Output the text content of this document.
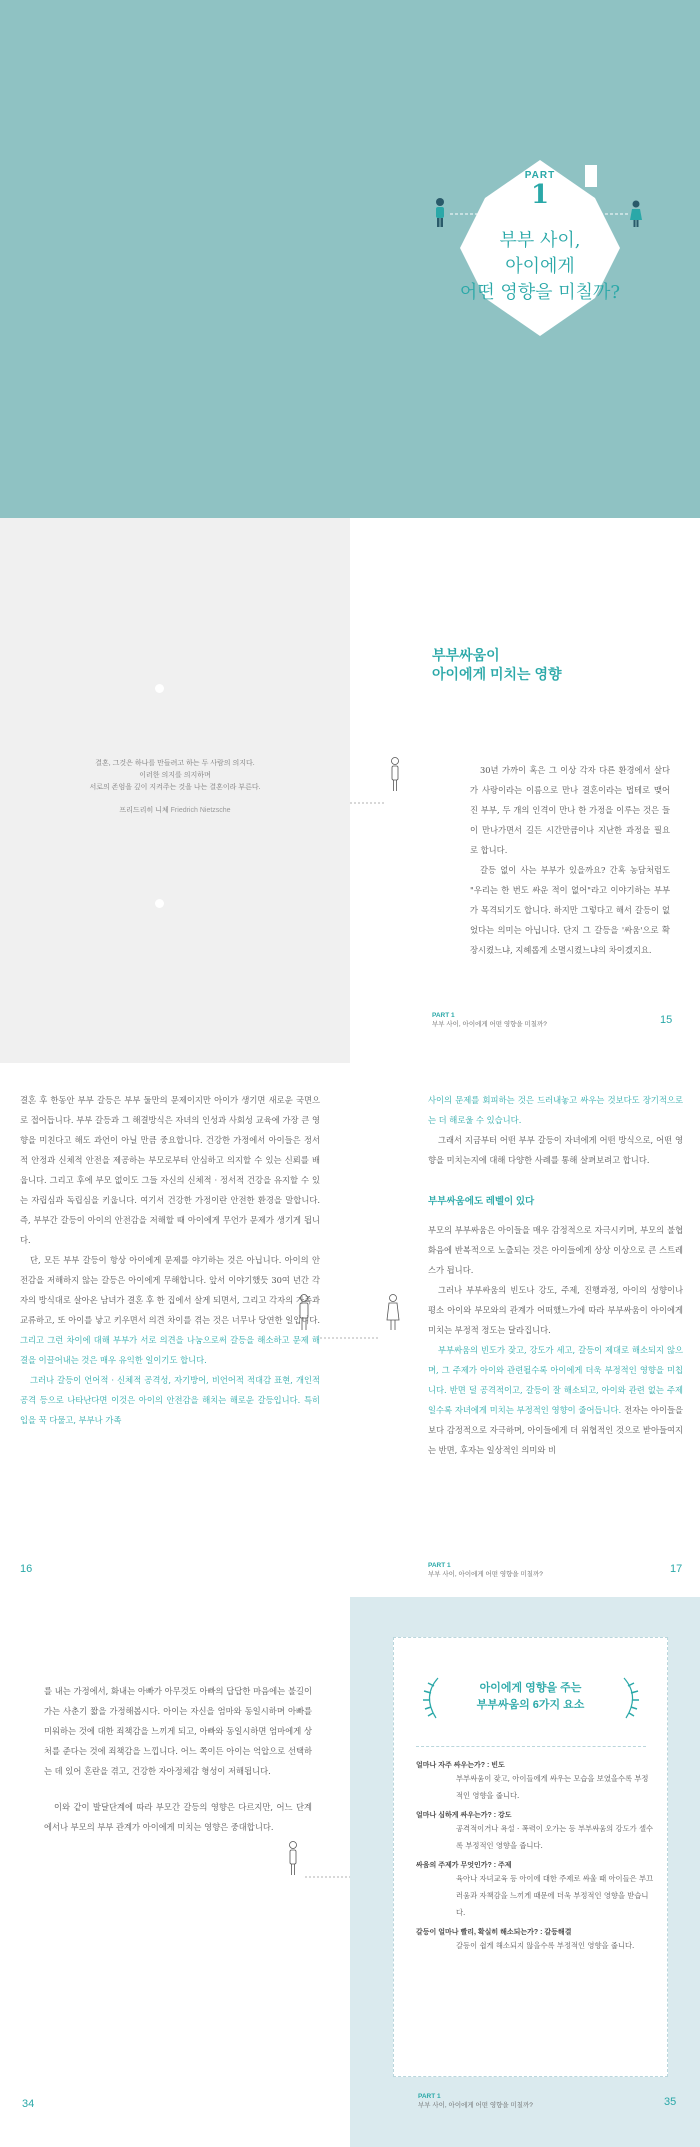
PART
1
부부 사이,
아이에게
어떤 영향을 미칠까?
결혼, 그것은 하나를 만들려고 하는 두 사람의 의지다.
이러한 의지를 의지하며
서로의 존엄을 깊이 지켜주는 것을 나는 결혼이라 부른다.
프리드리히 니체 Friedrich Nietzsche
부부싸움이
아이에게 미치는 영향

30년 가까이 혹은 그 이상 각자 다른 환경에서 살다가 사랑이라는 이름으로 만나 결혼이라는 법테로 맺어진 부부, 두 개의 인격이 만나 한 가정을 이루는 것은 들이 만나가면서 길든 시간만큼이나 지난한 과정을 필요로 합니다.

갈등 없이 사는 부부가 있을까요? 간혹 농담처럼도 "우리는 한 번도 싸운 적이 없어"라고 이야기하는 부부가 목격되기도 합니다. 하지만 그렇다고 해서 갈등이 없었다는 의미는 아닙니다. 단지 그 갈등을 '싸움'으로 확장시켰느냐, 지혜롭게 소멸시켰느냐의 차이겠지요.

PART 1
부부 사이, 아이에게 어떤 영향을 미칠까?	15

결혼 후 한동안 부부 갈등은 부부 둘만의 문제이지만 아이가 생기면 새로운 국면으로 접어듭니다. 부부 갈등과 그 해결방식은 자녀의 인성과 사회성 교육에 가장 큰 영향을 미친다고 해도 과언이 아닐 만큼 중요합니다. 건강한 가정에서 아이들은 정서적 안정과 신체적 안전을 제공하는 부모로부터 안심하고 의지할 수 있는 신뢰를 배웁니다. 그리고 후에 부모 없이도 그들 자신의 신체적 · 정서적 건강을 유지할 수 있는 자립심과 독립심을 키웁니다. 여기서 건강한 가정이란 안전한 환경을 말합니다. 즉, 부부간 갈등이 아이의 안전감을 저해할 때 아이에게 무언가 문제가 생기게 됩니다.

단, 모든 부부 갈등이 항상 아이에게 문제를 야기하는 것은 아닙니다. 아이의 안전감을 저해하지 않는 갈등은 아이에게 무해합니다. 앞서 이야기했듯 30여 년간 각자의 방식대로 살아온 남녀가 결혼 후 한 집에서 살게 되면서, 그리고 각자의 가족과 교류하고, 또 아이를 낳고 키우면서 의견 차이를 겪는 것은 너무나 당연한 일입니다. 그리고 그런 차이에 대해 부부가 서로 의견을 나눔으로써 갈등을 해소하고 문제 해결을 이끌어내는 것은 매우 유익한 일이기도 합니다.

그러나 갈등이 언어적 · 신체적 공격성, 자기방어, 비언어적 적대감 표현, 개인적 공격 등으로 나타난다면 이것은 아이의 안전감을 해치는 해로운 갈등입니다. 특히 입을 꾹 다물고, 부부나 가족

사이의 문제를 회피하는 것은 드러내놓고 싸우는 것보다도 장기적으로는 더 해로울 수 있습니다.

그래서 지금부터 어떤 부부 갈등이 자녀에게 어떤 방식으로, 어떤 영향을 미치는지에 대해 다양한 사례를 통해 살펴보려고 합니다.

부부싸움에도 레벨이 있다

부모의 부부싸움은 아이들을 매우 감정적으로 자극시키며, 부모의 불협화음에 반복적으로 노출되는 것은 아이들에게 상상 이상으로 큰 스트레스가 됩니다.

그러나 부부싸움의 빈도나 강도, 주제, 진행과정, 아이의 성향이나 평소 아이와 부모와의 관계가 어떠했느가에 따라 부부싸움이 아이에게 미치는 부정적 정도는 달라집니다.

부부싸움의 빈도가 잦고, 강도가 세고, 갈등이 제대로 해소되지 않으며, 그 주제가 아이와 관련될수록 아이에게 더욱 부정적인 영향을 미칩니다. 반면 덜 공격적이고, 갈등이 잘 해소되고, 아이와 관련 없는 주제일수록 자녀에게 미치는 부정적인 영향이 줄어듭니다. 전자는 아이들을 보다 감정적으로 자극하며, 아이들에게 더 위협적인 것으로 받아들여지는 반면, 후자는 일상적인 의미와 비

16	PART 1
부부 사이, 아이에게 어떤 영향을 미칠까?	17

를 내는 가정에서, 화내는 아빠가 아무것도 아빠의 답답한 마음에는 불길이 가는 사춘기 짧을 가정해봅시다. 아이는 자신을 엄마와 동일시하며 아빠를 미워하는 것에 대한 죄책감을 느끼게 되고, 아빠와 동일시하면 엄마에게 상처를 준다는 것에 죄책감을 느낍니다. 어느 쪽이든 아이는 억압으로 선택하는 데 있어 혼란을 겪고, 건강한 자아정체감 형성이 저해됩니다.

이와 같이 발달단계에 따라 부모간 갈등의 영향은 다르지만, 어느 단계에서나 부모의 부부 관계가 아이에게 미치는 영향은 중대합니다.

34
아이에게 영향을 주는
부부싸움의 6가지 요소
얼마나 자주 싸우는가? : 빈도
부부싸움이 잦고, 아이들에게 싸우는 모습을 보였을수록 부정적인 영향을 줍니다.
얼마나 심하게 싸우는가? : 강도
공격적이거나 욕설 · 폭력이 오가는 등 부부싸움의 강도가 셀수록 부정적인 영향을 줍니다.
싸움의 주제가 무엇인가? : 주제
육아나 자녀교육 등 아이에 대한 주제로 싸울 때 아이들은 부끄러움과 자책감을 느끼게 때문에 더욱 부정적인 영향을 받습니다.
갈등이 얼마나 빨리, 확실히 해소되는가? : 갈등해결
갈등이 쉽게 해소되지 않을수록 부정적인 영향을 줍니다.
PART 1
부부 사이, 아이에게 어떤 영향을 미칠까?	35
